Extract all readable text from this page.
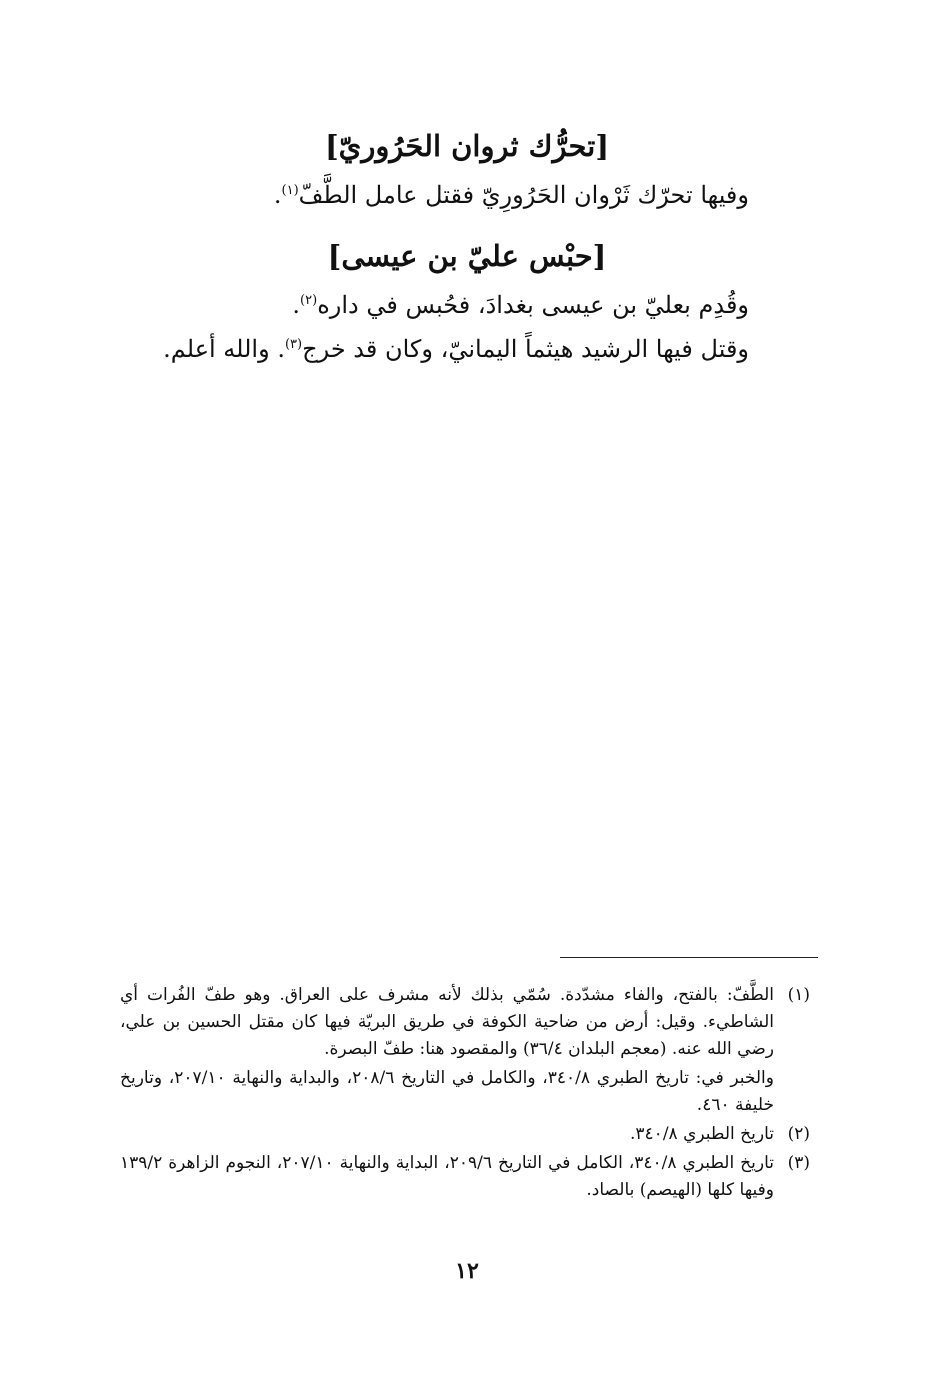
[تحرُّك ثروان الحَرُوريّ]
وفيها تحرّك ثَرْوان الحَرُورِيّ فقتل عامل الطَّفّ$^{(١)}$.
[حبْس عليّ بن عيسى]
وقُدِم بعليّ بن عيسى بغدادَ، فحُبس في داره$^{(٢)}$.
وقتل فيها الرشيد هيثماً اليمانيّ، وكان قد خرج$^{(٣)}$. والله أعلم.
(١)

الطَّفّ: بالفتح، والفاء مشدّدة. سُمّي بذلك لأنه مشرف على العراق. وهو طفّ الفُرات أي الشاطيء. وقيل: أرض من ضاحية الكوفة في طريق البريّة فيها كان مقتل الحسين بن علي، رضي الله عنه. (معجم البلدان ٣٦/٤) والمقصود هنا: طفّ البصرة.

والخبر في: تاريخ الطبري ٣٤٠/٨، والكامل في التاريخ ٢٠٨/٦، والبداية والنهاية ٢٠٧/١٠، وتاريخ خليفة ٤٦٠.

(٢)

تاريخ الطبري ٣٤٠/٨.

(٣)

تاريخ الطبري ٣٤٠/٨، الكامل في التاريخ ٢٠٩/٦، البداية والنهاية ٢٠٧/١٠، النجوم الزاهرة ١٣٩/٢ وفيها كلها (الهيصم) بالصاد.

١٢
